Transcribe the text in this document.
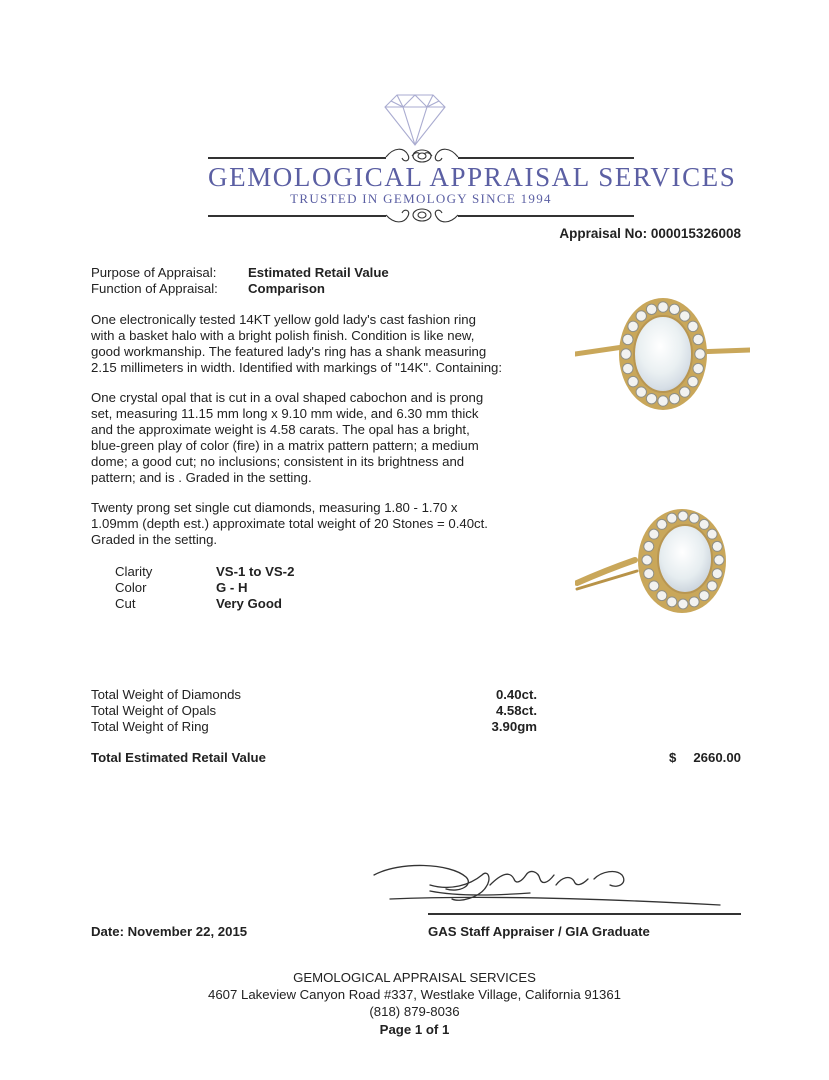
GEMOLOGICAL APPRAISAL SERVICES
TRUSTED IN GEMOLOGY SINCE 1994
Appraisal No: 000015326008
Purpose of Appraisal: Estimated Retail Value
Function of Appraisal: Comparison
One electronically tested 14KT yellow gold lady's cast fashion ring
with a basket halo with a bright polish finish. Condition is like new,
good workmanship. The featured lady's ring has a shank measuring
2.15 millimeters in width. Identified with markings of "14K". Containing:
One crystal opal that is cut in a oval shaped cabochon and is prong
set, measuring 11.15 mm long x 9.10 mm wide, and 6.30 mm thick
and the approximate weight is 4.58 carats. The opal has a bright,
blue-green play of color (fire) in a matrix pattern pattern; a medium
dome; a good cut; no inclusions; consistent in its brightness and
pattern; and is . Graded in the setting.
Twenty prong set single cut diamonds, measuring 1.80 - 1.70 x
1.09mm (depth est.) approximate total weight of 20 Stones = 0.40ct.
Graded in the setting.
Clarity	VS-1 to VS-2
Color	G - H
Cut	Very Good
Total Weight of Diamonds	0.40ct.
Total Weight of Opals	4.58ct.
Total Weight of Ring	3.90gm
Total Estimated Retail Value	$	2660.00
Date: November 22, 2015	GAS Staff Appraiser / GIA Graduate
GEMOLOGICAL APPRAISAL SERVICES
4607 Lakeview Canyon Road #337, Westlake Village, California 91361
(818) 879-8036
Page 1 of 1
